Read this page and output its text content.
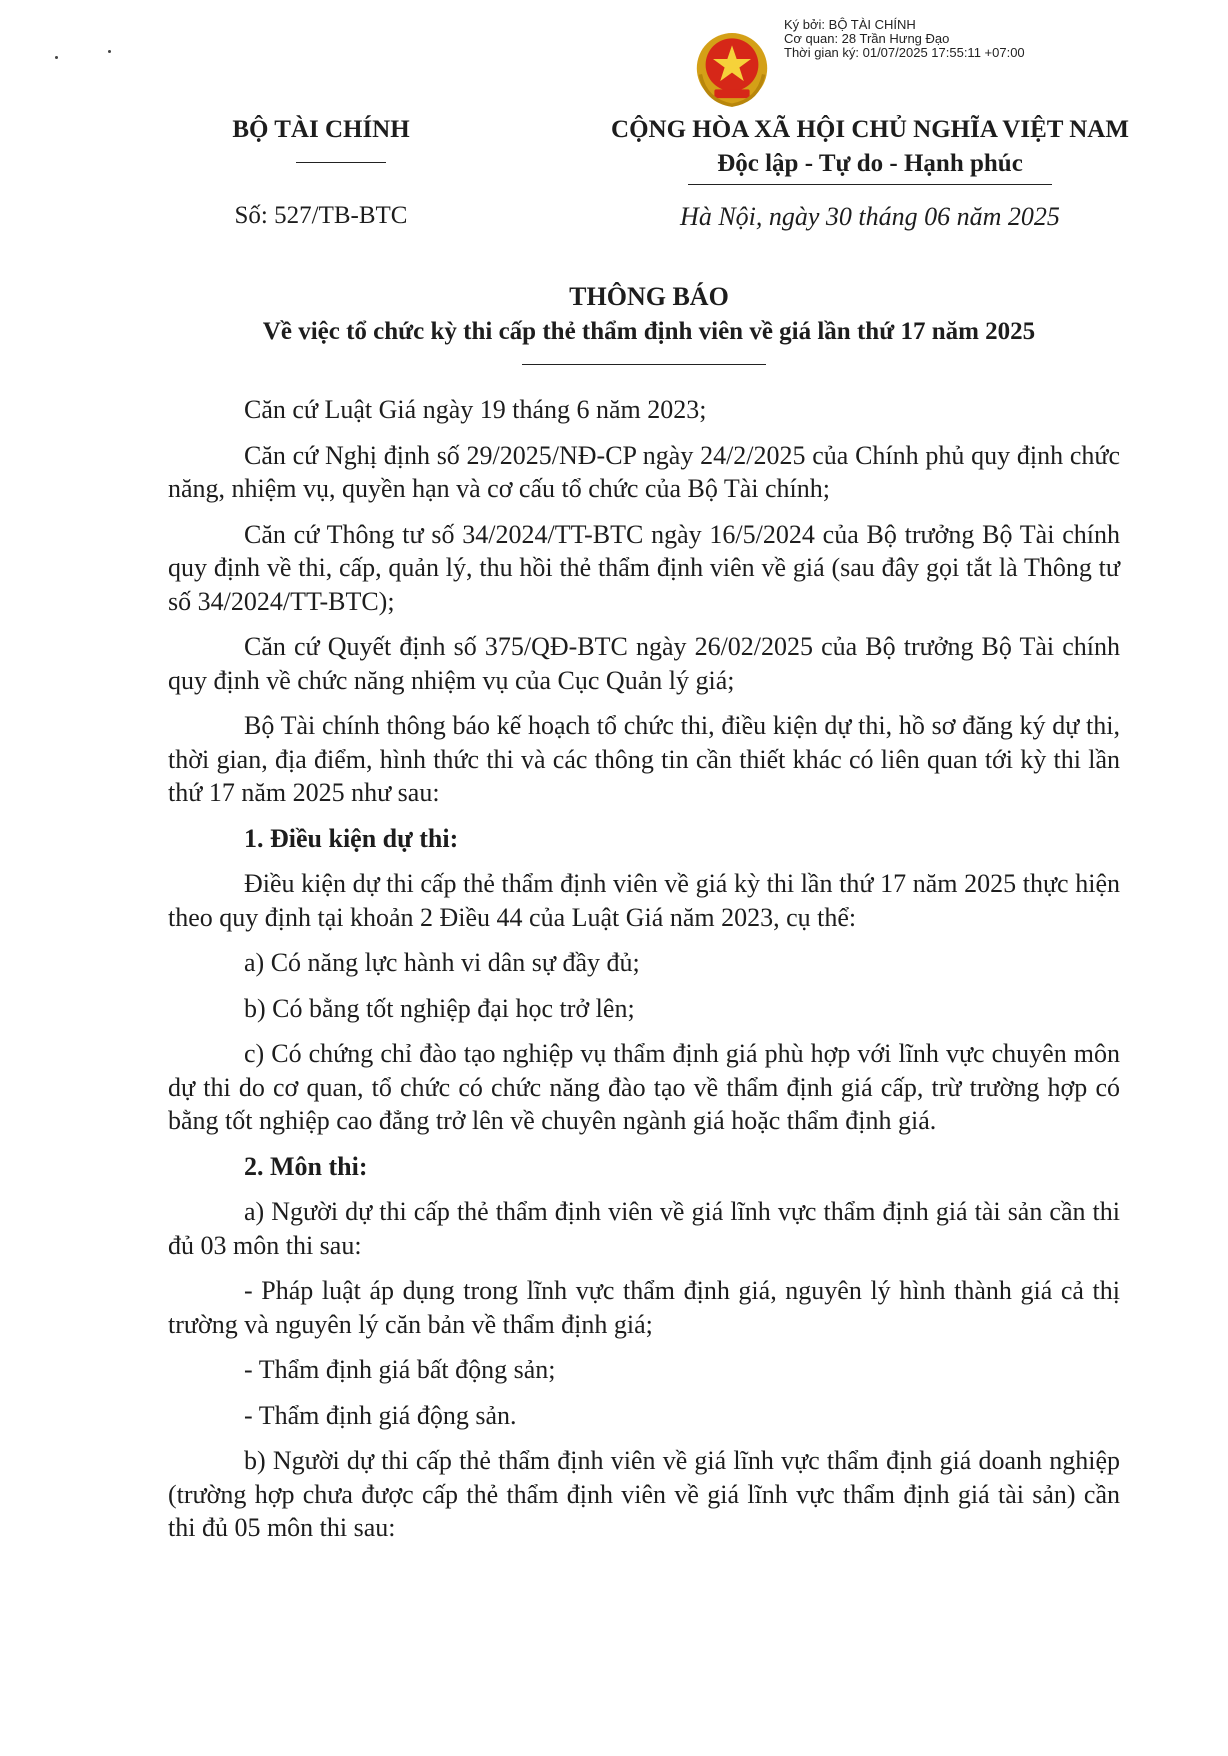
Ký bởi: BỘ TÀI CHÍNH
Cơ quan: 28 Trần Hưng Đạo
Thời gian ký: 01/07/2025 17:55:11 +07:00
BỘ TÀI CHÍNH
Số: 527/TB-BTC
CỘNG HÒA XÃ HỘI CHỦ NGHĨA VIỆT NAM
Độc lập - Tự do - Hạnh phúc
Hà Nội, ngày 30 tháng 06 năm 2025
THÔNG BÁO
Về việc tổ chức kỳ thi cấp thẻ thẩm định viên về giá lần thứ 17 năm 2025

Căn cứ Luật Giá ngày 19 tháng 6 năm 2023;

Căn cứ Nghị định số 29/2025/NĐ-CP ngày 24/2/2025 của Chính phủ quy định chức năng, nhiệm vụ, quyền hạn và cơ cấu tổ chức của Bộ Tài chính;

Căn cứ Thông tư số 34/2024/TT-BTC ngày 16/5/2024 của Bộ trưởng Bộ Tài chính quy định về thi, cấp, quản lý, thu hồi thẻ thẩm định viên về giá (sau đây gọi tắt là Thông tư số 34/2024/TT-BTC);

Căn cứ Quyết định số 375/QĐ-BTC ngày 26/02/2025 của Bộ trưởng Bộ Tài chính quy định về chức năng nhiệm vụ của Cục Quản lý giá;

Bộ Tài chính thông báo kế hoạch tổ chức thi, điều kiện dự thi, hồ sơ đăng ký dự thi, thời gian, địa điểm, hình thức thi và các thông tin cần thiết khác có liên quan tới kỳ thi lần thứ 17 năm 2025 như sau:

1. Điều kiện dự thi:

Điều kiện dự thi cấp thẻ thẩm định viên về giá kỳ thi lần thứ 17 năm 2025 thực hiện theo quy định tại khoản 2 Điều 44 của Luật Giá năm 2023, cụ thể:

a) Có năng lực hành vi dân sự đầy đủ;

b) Có bằng tốt nghiệp đại học trở lên;

c) Có chứng chỉ đào tạo nghiệp vụ thẩm định giá phù hợp với lĩnh vực chuyên môn dự thi do cơ quan, tổ chức có chức năng đào tạo về thẩm định giá cấp, trừ trường hợp có bằng tốt nghiệp cao đẳng trở lên về chuyên ngành giá hoặc thẩm định giá.

2. Môn thi:

a) Người dự thi cấp thẻ thẩm định viên về giá lĩnh vực thẩm định giá tài sản cần thi đủ 03 môn thi sau:

- Pháp luật áp dụng trong lĩnh vực thẩm định giá, nguyên lý hình thành giá cả thị trường và nguyên lý căn bản về thẩm định giá;

- Thẩm định giá bất động sản;

- Thẩm định giá động sản.

b) Người dự thi cấp thẻ thẩm định viên về giá lĩnh vực thẩm định giá doanh nghiệp (trường hợp chưa được cấp thẻ thẩm định viên về giá lĩnh vực thẩm định giá tài sản) cần thi đủ 05 môn thi sau:
